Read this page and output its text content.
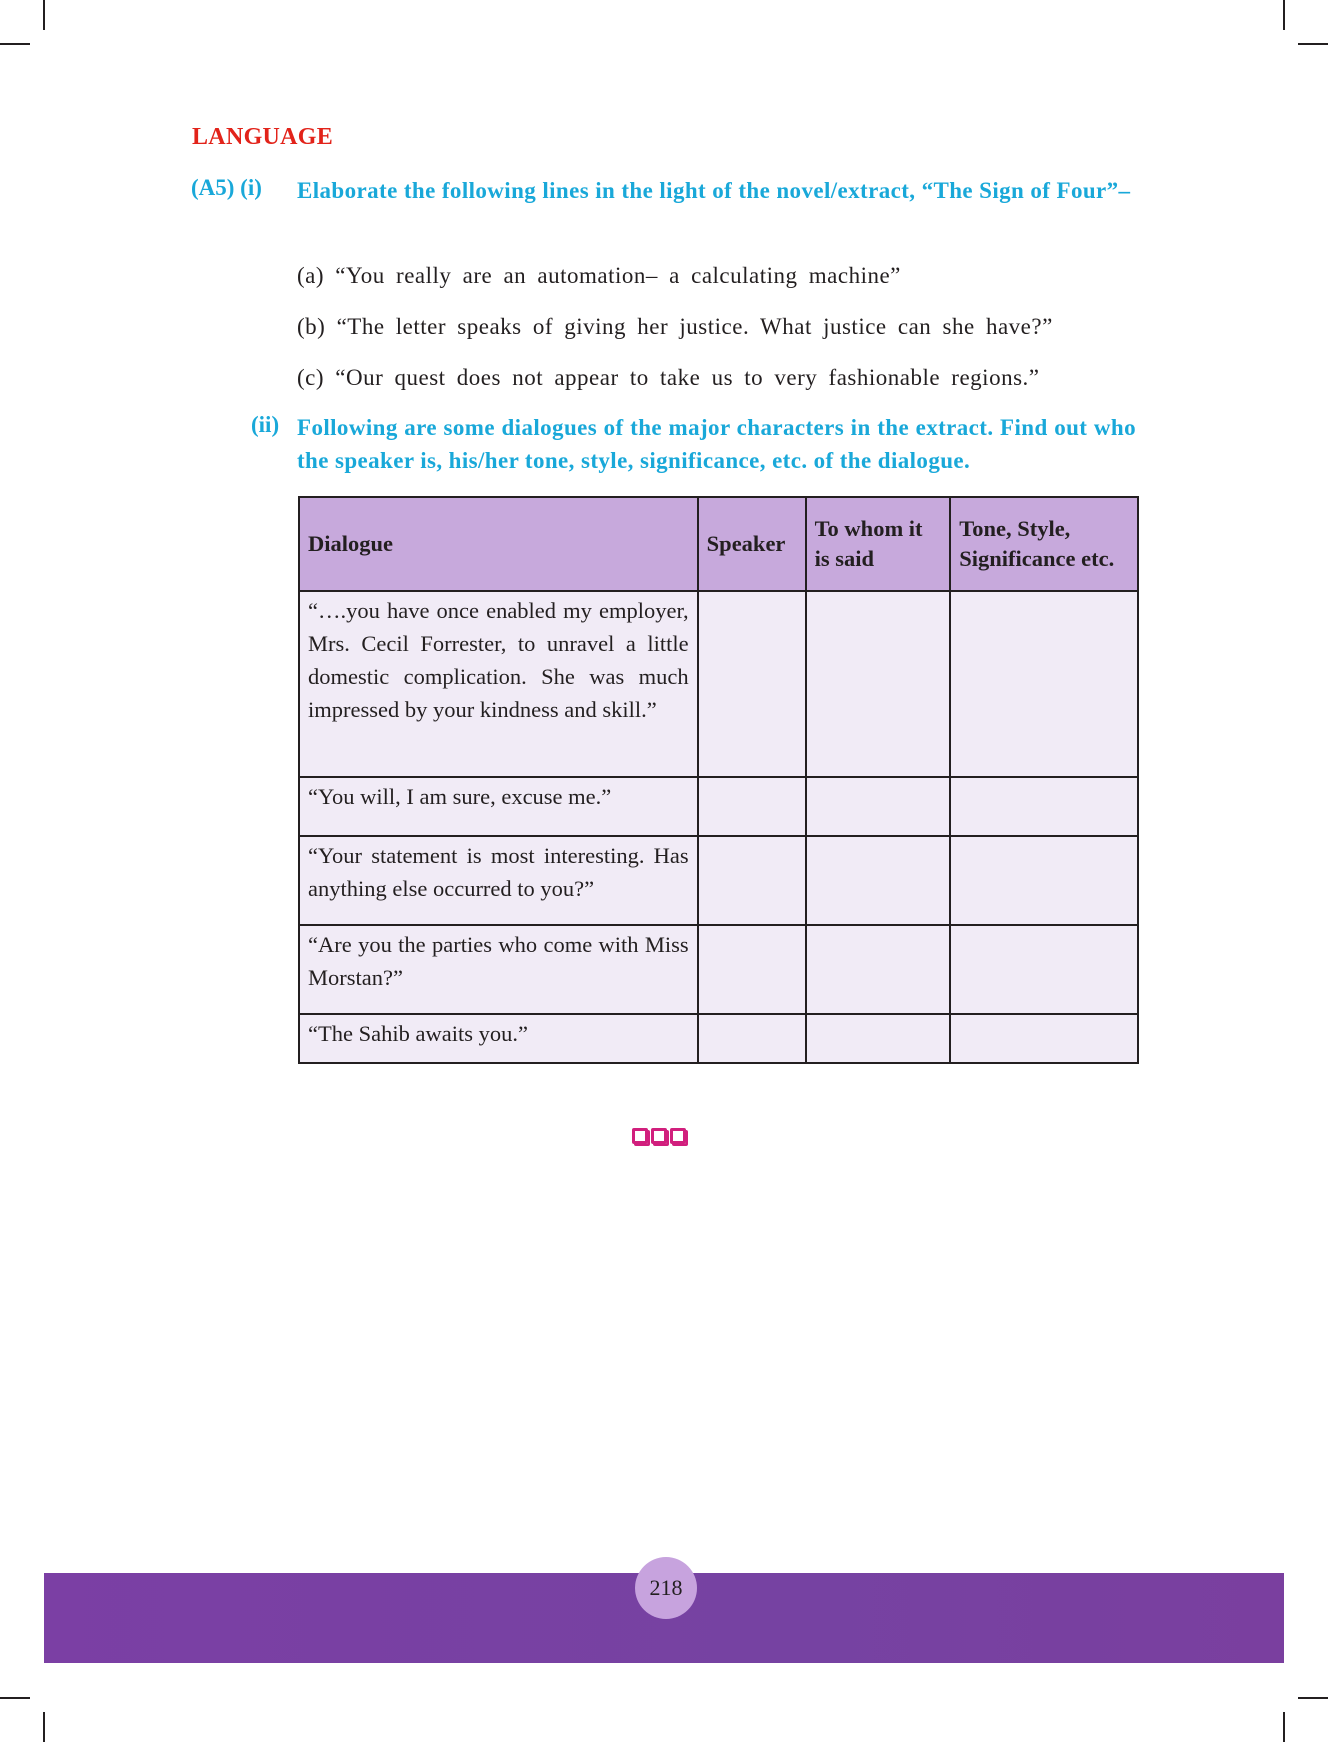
LANGUAGE
(A5) (i) Elaborate the following lines in the light of the novel/extract, “The Sign of Four”–
(a) “You really are an automation– a calculating machine”
(b) “The letter speaks of giving her justice. What justice can she have?”
(c) “Our quest does not appear to take us to very fashionable regions.”
(ii) Following are some dialogues of the major characters in the extract. Find out who the speaker is, his/her tone, style, significance, etc. of the dialogue.
Dialogue	Speaker	To whom it is said	Tone, Style, Significance etc.
“….you have once enabled my employer, Mrs. Cecil Forrester, to unravel a little domestic complication. She was much impressed by your kindness and skill.”			
“You will, I am sure, excuse me.”			
“Your statement is most interesting. Has anything else occurred to you?”			
“Are you the parties who come with Miss Morstan?”			
“The Sahib awaits you.”			
218
